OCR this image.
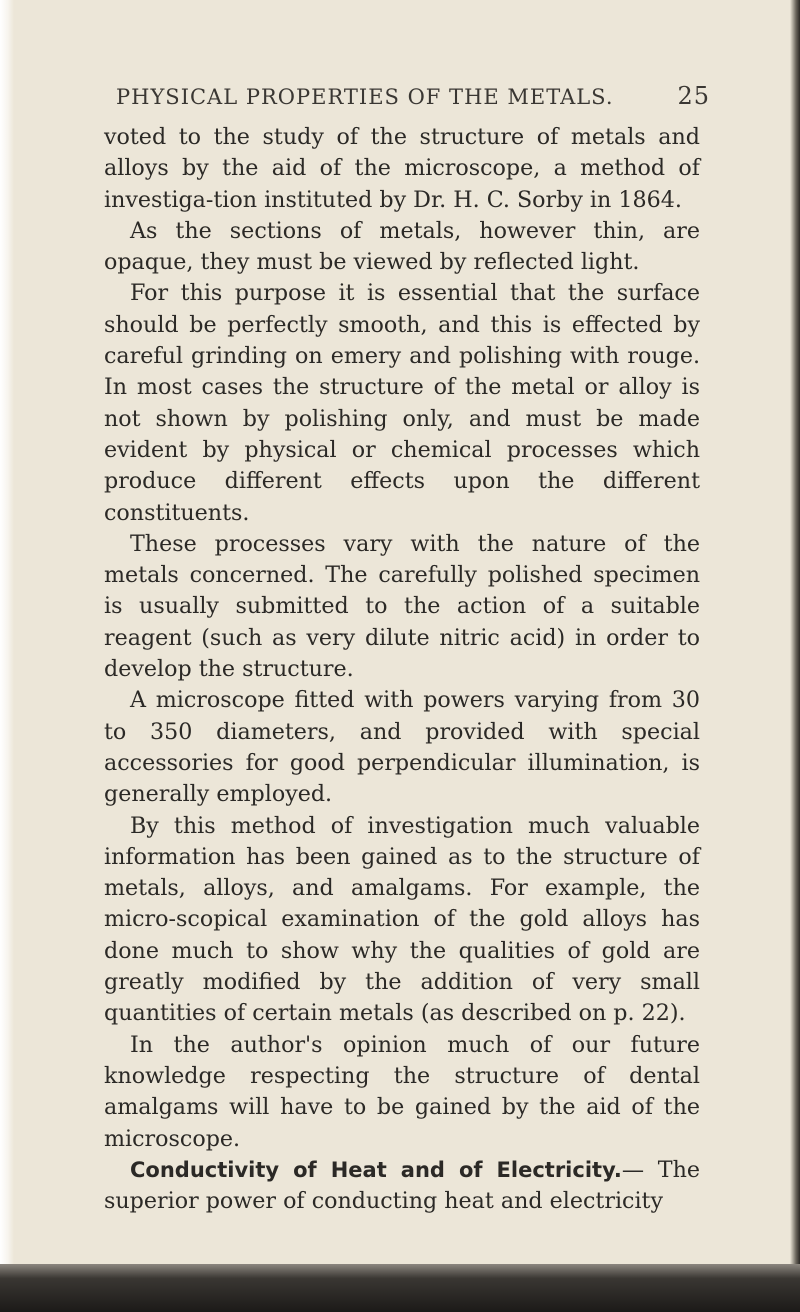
PHYSICAL PROPERTIES OF THE METALS.	25

voted to the study of the structure of metals and alloys by the aid of the microscope, a method of investiga-tion instituted by Dr. H. C. Sorby in 1864.

As the sections of metals, however thin, are opaque, they must be viewed by reflected light.

For this purpose it is essential that the surface should be perfectly smooth, and this is effected by careful grinding on emery and polishing with rouge. In most cases the structure of the metal or alloy is not shown by polishing only, and must be made evident by physical or chemical processes which produce different effects upon the different constituents.

These processes vary with the nature of the metals concerned. The carefully polished specimen is usually submitted to the action of a suitable reagent (such as very dilute nitric acid) in order to develop the structure.

A microscope fitted with powers varying from 30 to 350 diameters, and provided with special accessories for good perpendicular illumination, is generally employed.

By this method of investigation much valuable information has been gained as to the structure of metals, alloys, and amalgams. For example, the micro-scopical examination of the gold alloys has done much to show why the qualities of gold are greatly modified by the addition of very small quantities of certain metals (as described on p. 22).

In the author's opinion much of our future knowledge respecting the structure of dental amalgams will have to be gained by the aid of the microscope.

Conductivity of Heat and of Electricity.— The superior power of conducting heat and electricity
